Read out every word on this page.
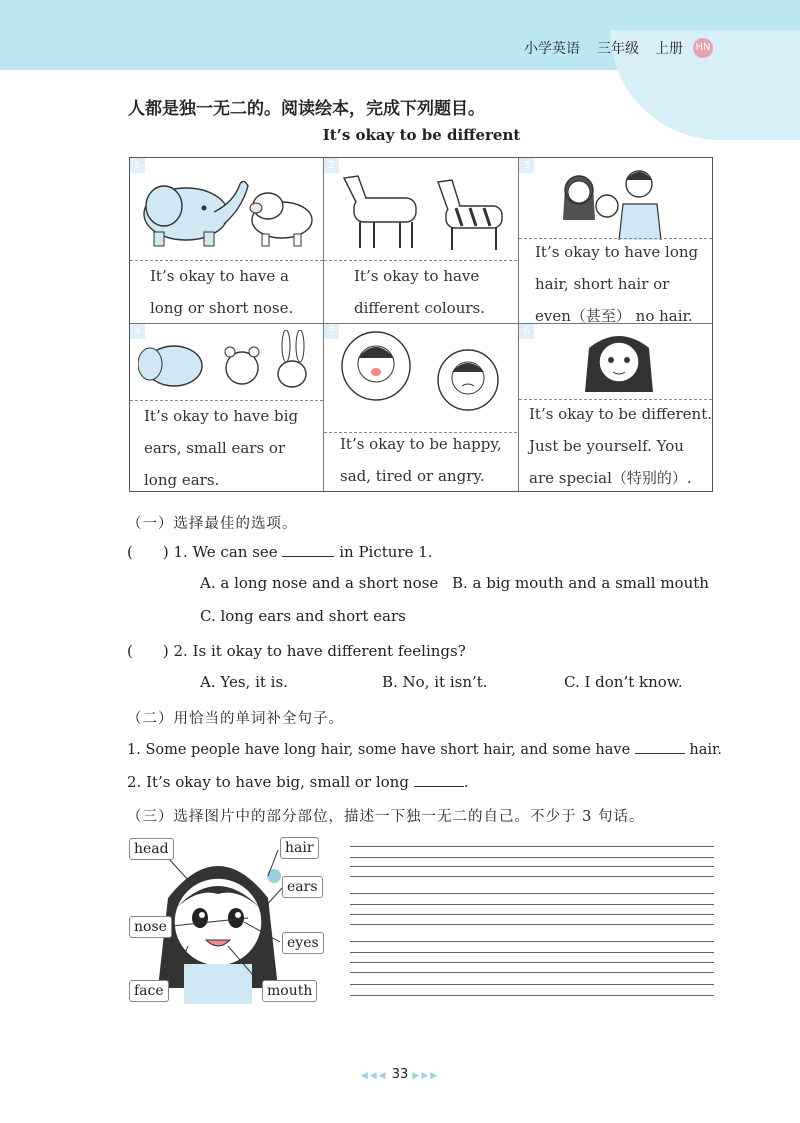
小学英语 三年级 上册 HN
人都是独一无二的。阅读绘本，完成下列题目。
It’s okay to be different
1
It’s okay to have a
long or short nose.
2
It’s okay to have
different colours.
3
It’s okay to have long
hair, short hair or
even（甚至） no hair.
4
It’s okay to have big
ears, small ears or
long ears.
5
It’s okay to be happy,
sad, tired or angry.
6
It’s okay to be different.
Just be yourself. You
are special（特别的）.
（一）选择最佳的选项。
(　　) 1. We can see	in Picture 1.
A. a long nose and a short nose B. a big mouth and a small mouth
C. long ears and short ears
(　　) 2. Is it okay to have different feelings?
A. Yes, it is.	B. No, it isn’t.	C. I don’t know.
（二）用恰当的单词补全句子。
1. Some people have long hair, some have short hair, and some have	hair.
2. It’s okay to have big, small or long	.
（三）选择图片中的部分部位，描述一下独一无二的自己。不少于 3 句话。
head	hair
ears
nose
eyes
face	mouth
◀◀◀ 33 ▶▶▶
